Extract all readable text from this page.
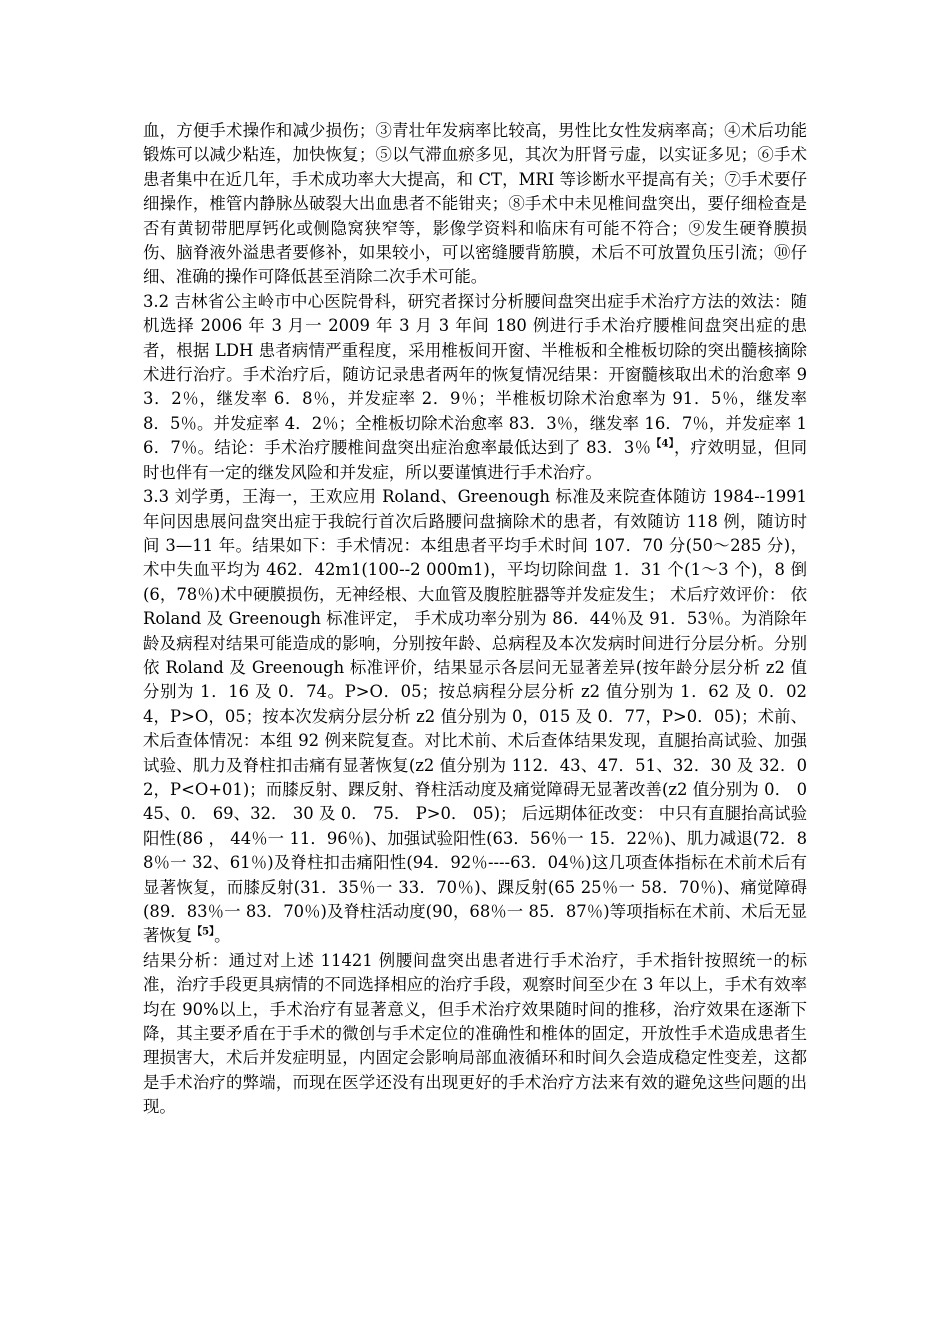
血，方便手术操作和减少损伤；③青壮年发病率比较高，男性比女性发病率高；④术后功能锻炼可以减少粘连，加快恢复；⑤以气滞血瘀多见，其次为肝肾亏虚，以实证多见；⑥手术患者集中在近几年，手术成功率大大提高，和 CT，MRI 等诊断水平提高有关；⑦手术要仔细操作，椎管内静脉丛破裂大出血患者不能钳夹；⑧手术中未见椎间盘突出，要仔细检查是否有黄韧带肥厚钙化或侧隐窝狭窄等，影像学资料和临床有可能不符合；⑨发生硬脊膜损伤、脑脊液外溢患者要修补，如果较小，可以密缝腰背筋膜，术后不可放置负压引流；⑩仔细、准确的操作可降低甚至消除二次手术可能。

3.2 吉林省公主岭市中心医院骨科，研究者探讨分析腰间盘突出症手术治疗方法的效法：随机选择 2006 年 3 月一 2009 年 3 月 3 年间 180 例进行手术治疗腰椎间盘突出症的患者，根据 LDH 患者病情严重程度，采用椎板间开窗、半椎板和全椎板切除的突出髓核摘除术进行治疗。手术治疗后，随访记录患者两年的恢复情况结果：开窗髓核取出术的治愈率 93．2％，继发率 6．8％，并发症率 2．9％；半椎板切除术治愈率为 91．5％，继发率 8．5％。并发症率 4．2％；全椎板切除术治愈率 83．3％，继发率 16．7％，并发症率 16．7％。结论：手术治疗腰椎间盘突出症治愈率最低达到了 83．3％$^{【4】}$，疗效明显，但同时也伴有一定的继发风险和并发症，所以要谨慎进行手术治疗。

3.3 刘学勇，王海一，王欢应用 Roland、Greenough 标准及来院查体随访 1984--1991 年问因患展问盘突出症于我皖行首次后路腰问盘摘除术的患者，有效随访 118 例，随访时间 3—11 年。结果如下：手术情况：本组患者平均手术时间 107．70 分(50～285 分)，术中失血平均为 462．42m1(100--2 000m1)，平均切除间盘 1．31 个(1～3 个)，8 倒(6，78％)术中硬膜损伤，无神经根、大血管及腹腔脏器等并发症发生； 术后疗效评价： 依 Roland 及 Greenough 标准评定， 手术成功率分别为 86．44％及 91．53％。为消除年龄及病程对结果可能造成的影响，分别按年龄、总病程及本次发病时间进行分层分析。分别依 Roland 及 Greenough 标准评价，结果显示各层问无显著差异(按年龄分层分析 z2 值分别为 1．16 及 0．74。P>O．05；按总病程分层分析 z2 值分别为 1．62 及 0．024，P>O，05；按本次发病分层分析 z2 值分别为 0，015 及 0．77，P>0．05)；术前、术后查体情况：本组 92 例来院复查。对比术前、术后查体结果发现，直腿抬高试验、加强试验、肌力及脊柱扣击痛有显著恢复(z2 值分别为 112．43、47．51、32．30 及 32．02，P<O+01)；而膝反射、踝反射、脊柱活动度及痛觉障碍无显著改善(z2 值分别为 0． 045、0． 69、32． 30 及 0． 75． P>0． 05)； 后远期体征改变： 中只有直腿抬高试验阳性(86 ， 44％一 11．96％)、加强试验阳性(63．56％一 15．22％)、肌力减退(72．88％一 32、61％)及脊柱扣击痛阳性(94．92％----63．04％)这几项查体指标在术前术后有显著恢复，而膝反射(31．35％一 33．70％)、踝反射(65 25％一 58．70％)、痛觉障碍(89．83％一 83．70％)及脊柱活动度(90，68％一 85．87％)等项指标在术前、术后无显著恢复$^{【5】}$。

结果分析：通过对上述 11421 例腰间盘突出患者进行手术治疗，手术指针按照统一的标准，治疗手段更具病情的不同选择相应的治疗手段，观察时间至少在 3 年以上，手术有效率均在 90%以上，手术治疗有显著意义，但手术治疗效果随时间的推移，治疗效果在逐渐下降，其主要矛盾在于手术的微创与手术定位的准确性和椎体的固定，开放性手术造成患者生理损害大，术后并发症明显，内固定会影响局部血液循环和时间久会造成稳定性变差，这都是手术治疗的弊端，而现在医学还没有出现更好的手术治疗方法来有效的避免这些问题的出现。
